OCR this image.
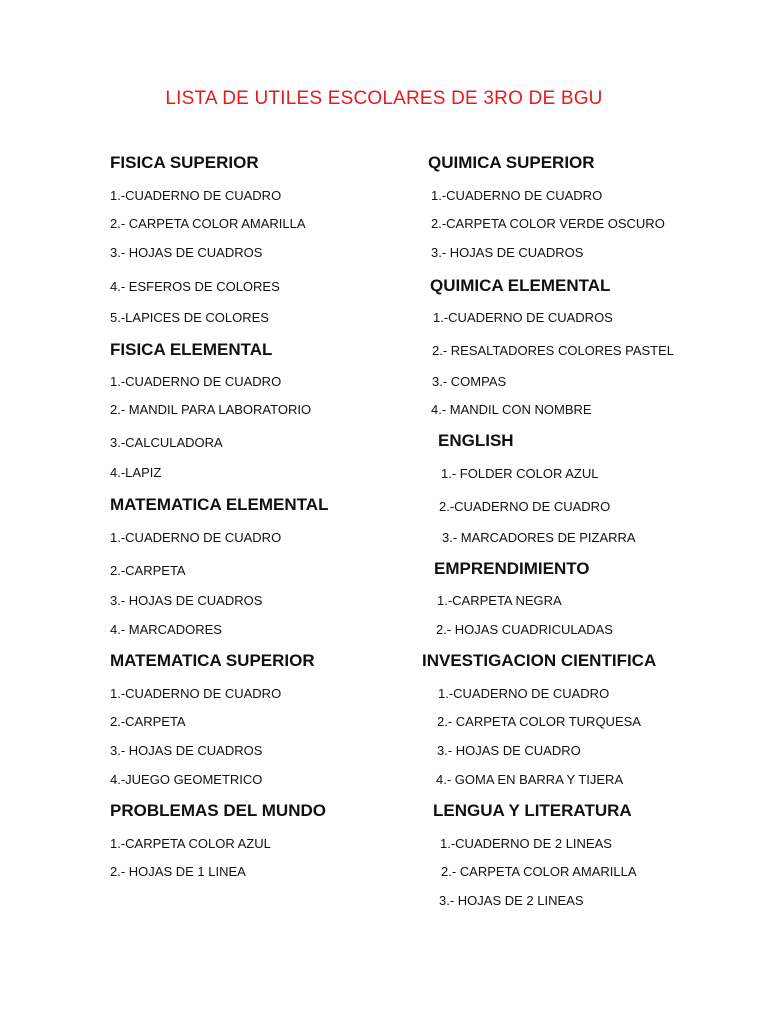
LISTA DE UTILES ESCOLARES DE 3RO DE BGU
FISICA SUPERIOR
1.-CUADERNO DE CUADRO
2.- CARPETA COLOR AMARILLA
3.- HOJAS DE CUADROS
4.- ESFEROS DE COLORES
5.-LAPICES DE COLORES
FISICA ELEMENTAL
1.-CUADERNO DE CUADRO
2.- MANDIL PARA LABORATORIO
3.-CALCULADORA
4.-LAPIZ
MATEMATICA ELEMENTAL
1.-CUADERNO DE CUADRO
2.-CARPETA
3.- HOJAS DE CUADROS
4.- MARCADORES
MATEMATICA SUPERIOR
1.-CUADERNO DE CUADRO
2.-CARPETA
3.- HOJAS DE CUADROS
4.-JUEGO GEOMETRICO
PROBLEMAS DEL MUNDO
1.-CARPETA COLOR AZUL
2.- HOJAS DE 1 LINEA
QUIMICA SUPERIOR
1.-CUADERNO DE CUADRO
2.-CARPETA COLOR VERDE OSCURO
3.- HOJAS DE CUADROS
QUIMICA ELEMENTAL
1.-CUADERNO DE CUADROS
2.- RESALTADORES COLORES PASTEL
3.- COMPAS
4.- MANDIL CON NOMBRE
ENGLISH
1.- FOLDER COLOR AZUL
2.-CUADERNO DE CUADRO
3.- MARCADORES DE PIZARRA
EMPRENDIMIENTO
1.-CARPETA NEGRA
2.- HOJAS CUADRICULADAS
INVESTIGACION CIENTIFICA
1.-CUADERNO DE CUADRO
2.- CARPETA COLOR TURQUESA
3.- HOJAS DE CUADRO
4.- GOMA EN BARRA Y TIJERA
LENGUA Y LITERATURA
1.-CUADERNO DE 2 LINEAS
2.- CARPETA COLOR AMARILLA
3.- HOJAS DE 2 LINEAS
